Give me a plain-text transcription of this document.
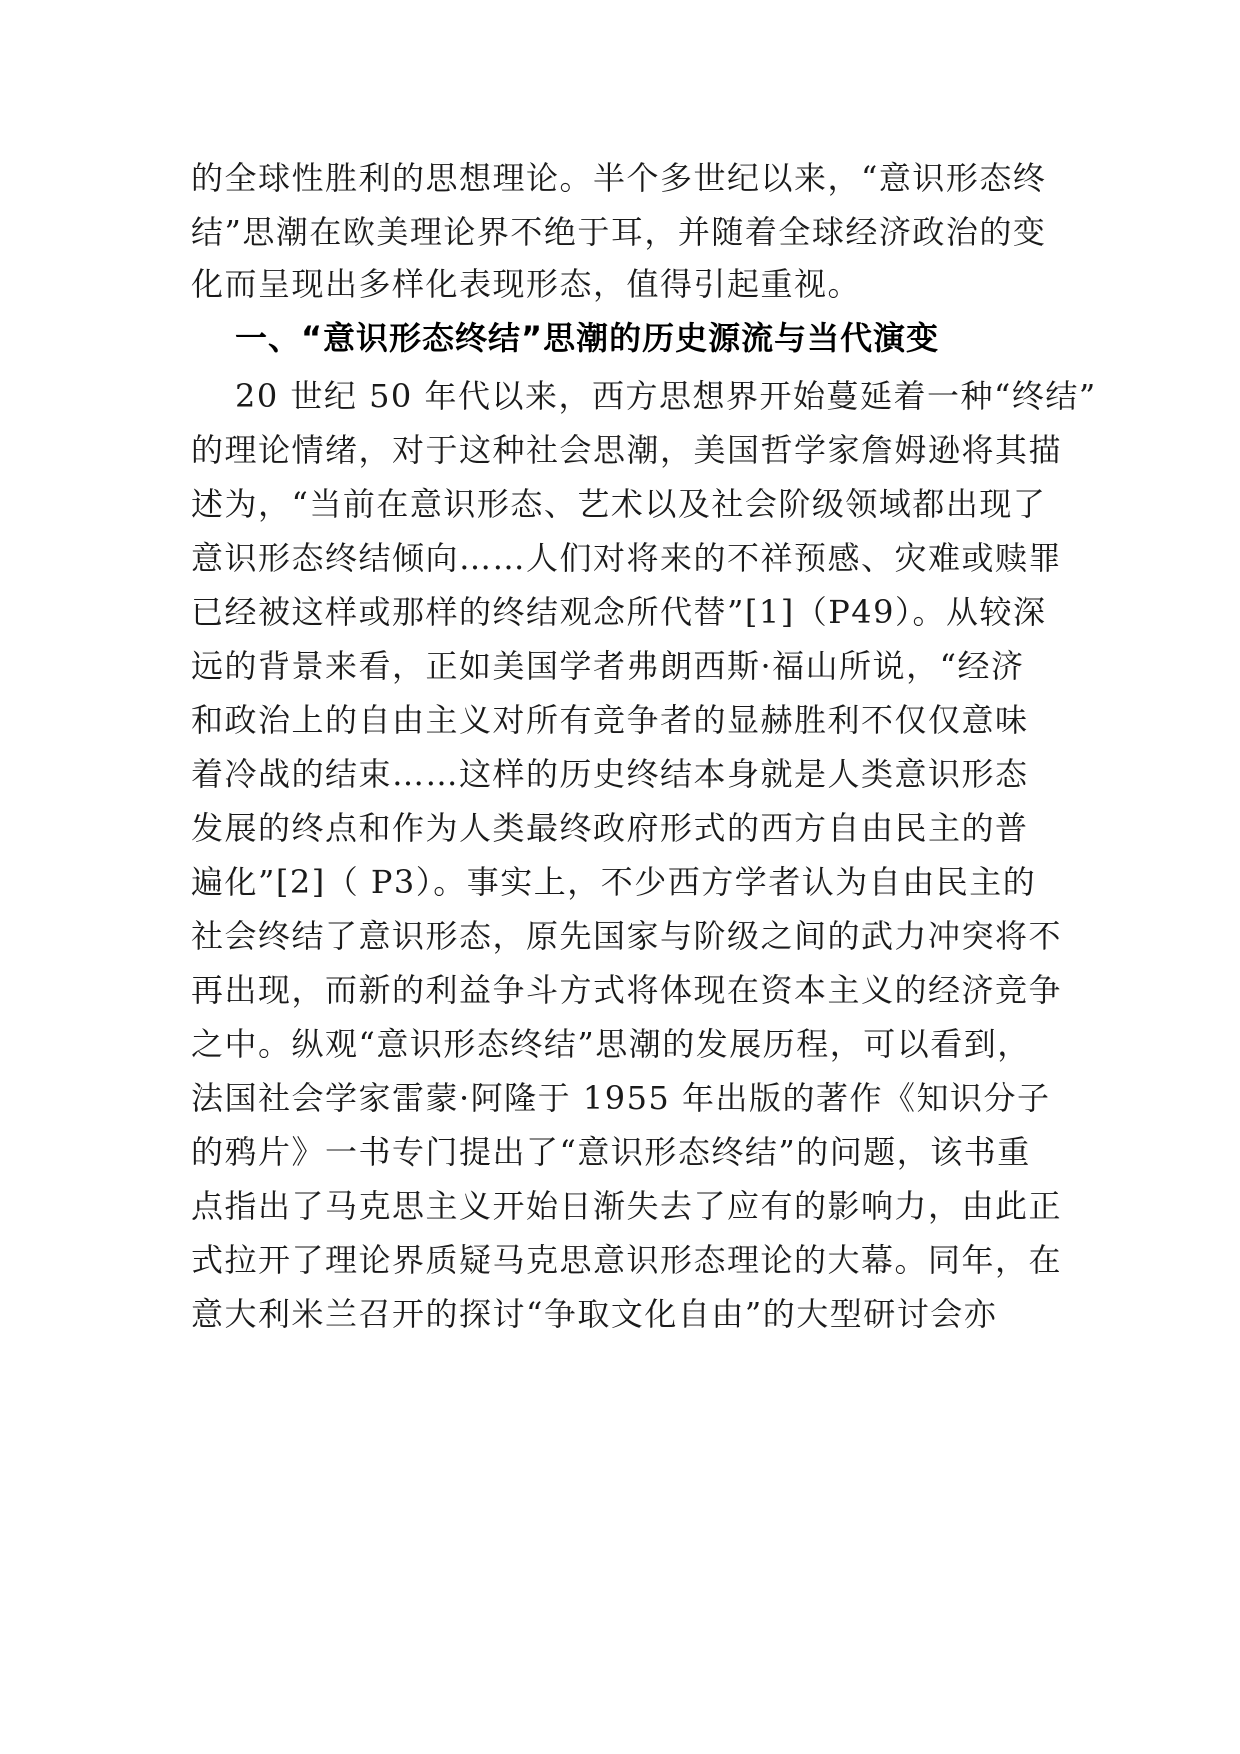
的全球性胜利的思想理论。半个多世纪以来，“意识形态终
结”思潮在欧美理论界不绝于耳，并随着全球经济政治的变
化而呈现出多样化表现形态，值得引起重视。
一、“意识形态终结”思潮的历史源流与当代演变
20 世纪 50 年代以来，西方思想界开始蔓延着一种“终结”
的理论情绪，对于这种社会思潮，美国哲学家詹姆逊将其描
述为，“当前在意识形态、艺术以及社会阶级领域都出现了
意识形态终结倾向……人们对将来的不祥预感、灾难或赎罪
已经被这样或那样的终结观念所代替”[1]（P49）。从较深
远的背景来看，正如美国学者弗朗西斯·福山所说，“经济
和政治上的自由主义对所有竞争者的显赫胜利不仅仅意味
着冷战的结束……这样的历史终结本身就是人类意识形态
发展的终点和作为人类最终政府形式的西方自由民主的普
遍化”[2]（ P3）。事实上，不少西方学者认为自由民主的
社会终结了意识形态，原先国家与阶级之间的武力冲突将不
再出现，而新的利益争斗方式将体现在资本主义的经济竞争
之中。纵观“意识形态终结”思潮的发展历程，可以看到，
法国社会学家雷蒙·阿隆于 1955 年出版的著作《知识分子
的鸦片》一书专门提出了“意识形态终结”的问题，该书重
点指出了马克思主义开始日渐失去了应有的影响力，由此正
式拉开了理论界质疑马克思意识形态理论的大幕。同年，在
意大利米兰召开的探讨“争取文化自由”的大型研讨会亦
